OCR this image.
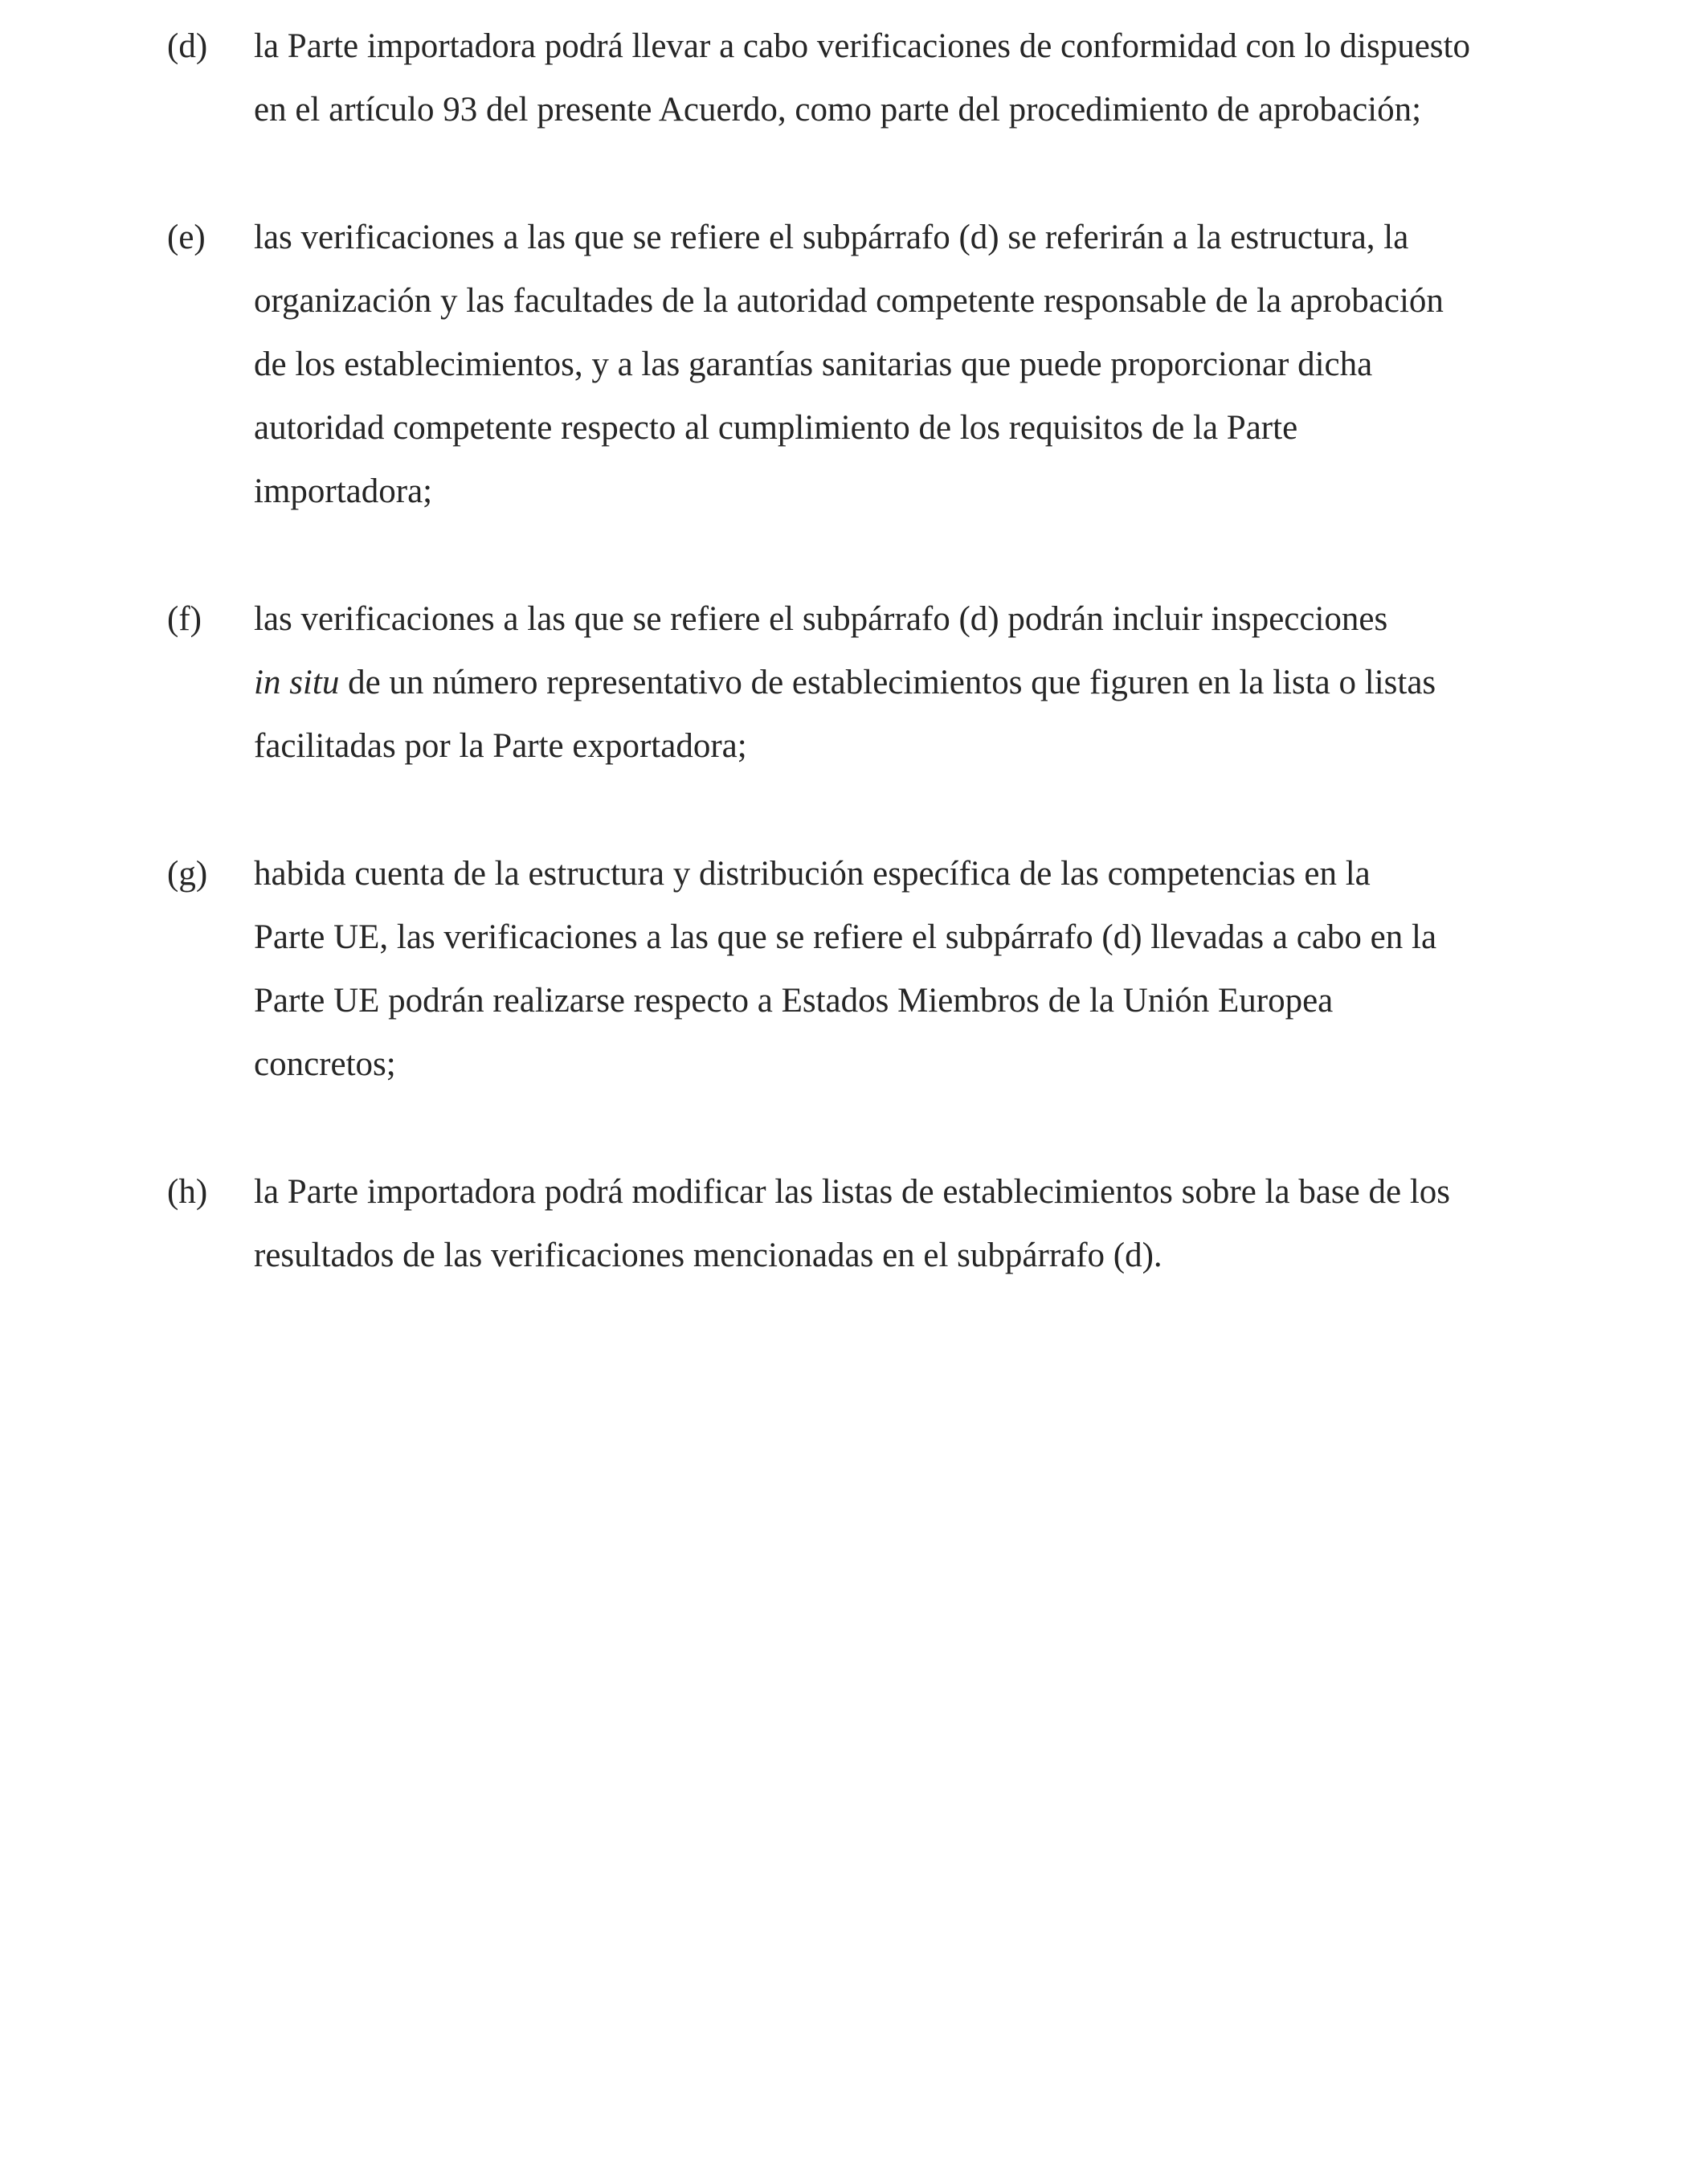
(d)	la Parte importadora podrá llevar a cabo verificaciones de conformidad con lo dispuesto
en el artículo 93 del presente Acuerdo, como parte del procedimiento de aprobación;
(e)	las verificaciones a las que se refiere el subpárrafo (d) se referirán a la estructura, la
organización y las facultades de la autoridad competente responsable de la aprobación
de los establecimientos, y a las garantías sanitarias que puede proporcionar dicha
autoridad competente respecto al cumplimiento de los requisitos de la Parte
importadora;
(f)	las verificaciones a las que se refiere el subpárrafo (d) podrán incluir inspecciones
in situ de un número representativo de establecimientos que figuren en la lista o listas
facilitadas por la Parte exportadora;
(g)	habida cuenta de la estructura y distribución específica de las competencias en la
Parte UE, las verificaciones a las que se refiere el subpárrafo (d) llevadas a cabo en la
Parte UE podrán realizarse respecto a Estados Miembros de la Unión Europea
concretos;
(h)	la Parte importadora podrá modificar las listas de establecimientos sobre la base de los
resultados de las verificaciones mencionadas en el subpárrafo (d).
